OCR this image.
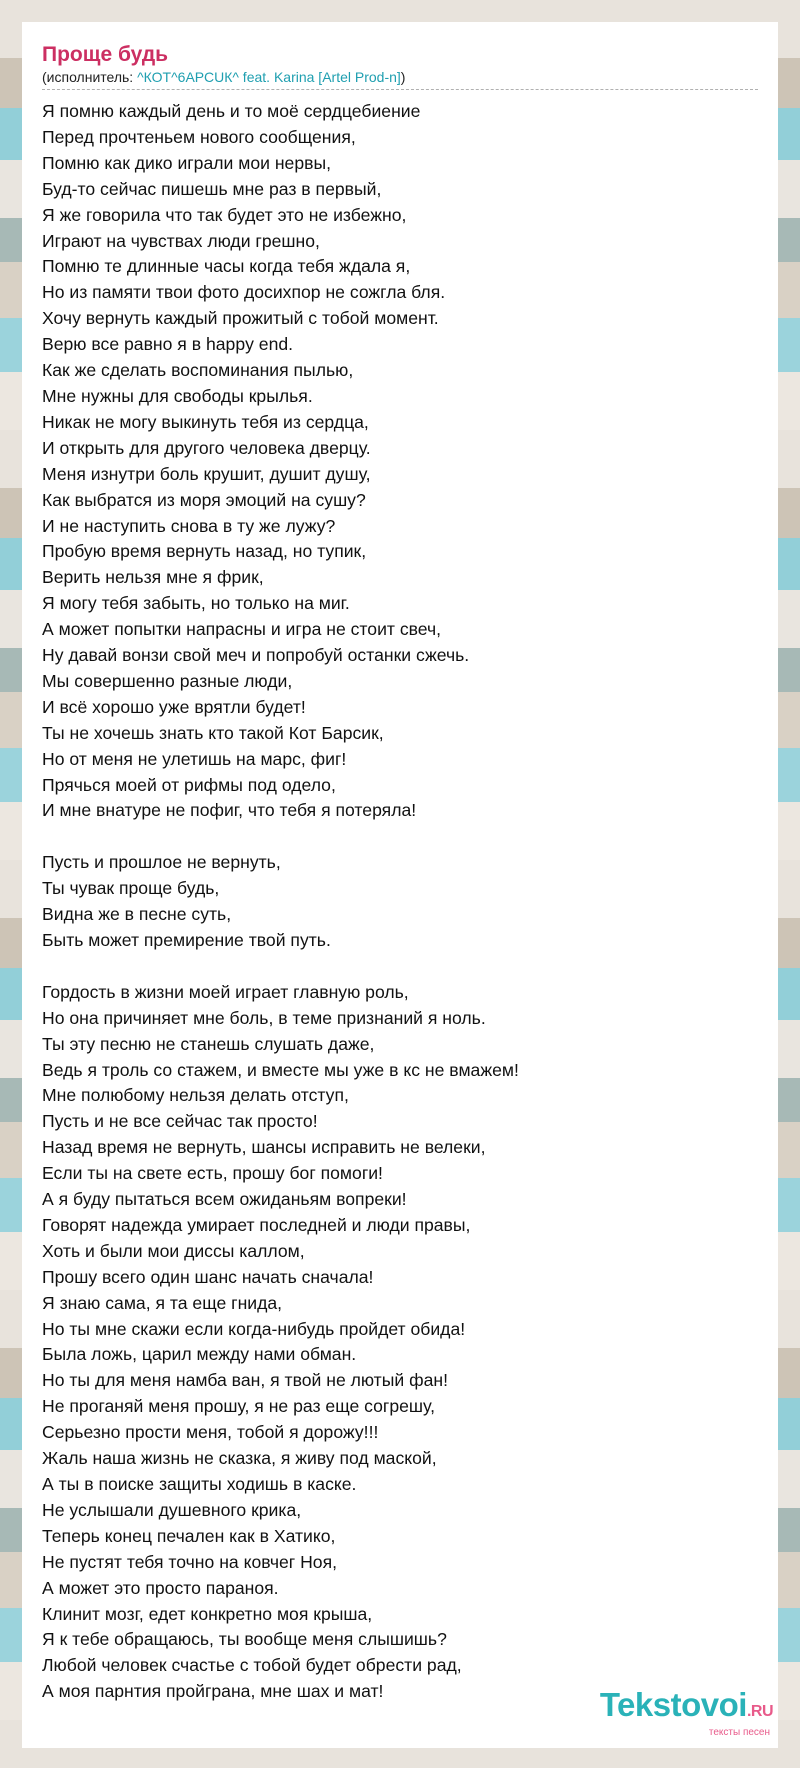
Проще будь
(исполнитель: ^КОТ^6АРСUК^ feat. Karina [Artel Prod-n])
Я помню каждый день и то моё сердцебиение
Перед прочтеньем нового сообщения,
Помню как дико играли мои нервы,
Буд-то сейчас пишешь мне раз в первый,
Я же говорила что так будет это не избежно,
Играют на чувствах люди грешно,
Помню те длинные часы когда тебя ждала я,
Но из памяти твои фото досихпор не сожгла бля.
Хочу вернуть каждый прожитый с тобой момент.
Верю все равно я в happy end.
Как же сделать воспоминания пылью,
Мне нужны для свободы крылья.
Никак не могу выкинуть тебя из сердца,
И открыть для другого человека дверцу.
Меня изнутри боль крушит, душит душу,
Как выбратся из моря эмоций на сушу?
И не наступить снова в ту же лужу?
Пробую время вернуть назад, но тупик,
Верить нельзя мне я фрик,
Я могу тебя забыть, но только на миг.
А может попытки напрасны и игра не стоит свеч,
Ну давай вонзи свой меч и попробуй останки сжечь.
Мы совершенно разные люди,
И всё хорошо уже врятли будет!
Ты не хочешь знать кто такой Кот Барсик,
Но от меня не улетишь на марс, фиг!
Прячься моей от рифмы под одело,
И мне внатуре не пофиг, что тебя я потеряла!
Пусть и прошлое не вернуть,
Ты чувак проще будь,
Видна же в песне суть,
Быть может премирение твой путь.
Гордость в жизни моей играет главную роль,
Но она причиняет мне боль, в теме признаний я ноль.
Ты эту песню не станешь слушать даже,
Ведь я троль со стажем, и вместе мы уже в кс не вмажем!
Мне полюбому нельзя делать отступ,
Пусть и не все сейчас так просто!
Назад время не вернуть, шансы исправить не велеки,
Если ты на свете есть, прошу бог помоги!
А я буду пытаться всем ожиданьям вопреки!
Говорят надежда умирает последней и люди правы,
Хоть и были мои диссы каллом,
Прошу всего один шанс начать сначала!
Я знаю сама, я та еще гнида,
Но ты мне скажи если когда-нибудь пройдет обида!
Была ложь, царил между нами обман.
Но ты для меня намба ван, я твой не лютый фан!
Не проганяй меня прошу, я не раз еще согрешу,
Серьезно прости меня, тобой я дорожу!!!
Жаль наша жизнь не сказка, я живу под маской,
А ты в поиске защиты ходишь в каске.
Не услышали душевного крика,
Теперь конец печален как в Хатико,
Не пустят тебя точно на ковчег Ноя,
А может это просто параноя.
Клинит мозг, едет конкретно моя крыша,
Я к тебе обращаюсь, ты вообще меня слышишь?
Любой человек счастье с тобой будет обрести рад,
А моя парнтия пройграна, мне шах и мат!	Tekstovoi.RU
тексты песен
